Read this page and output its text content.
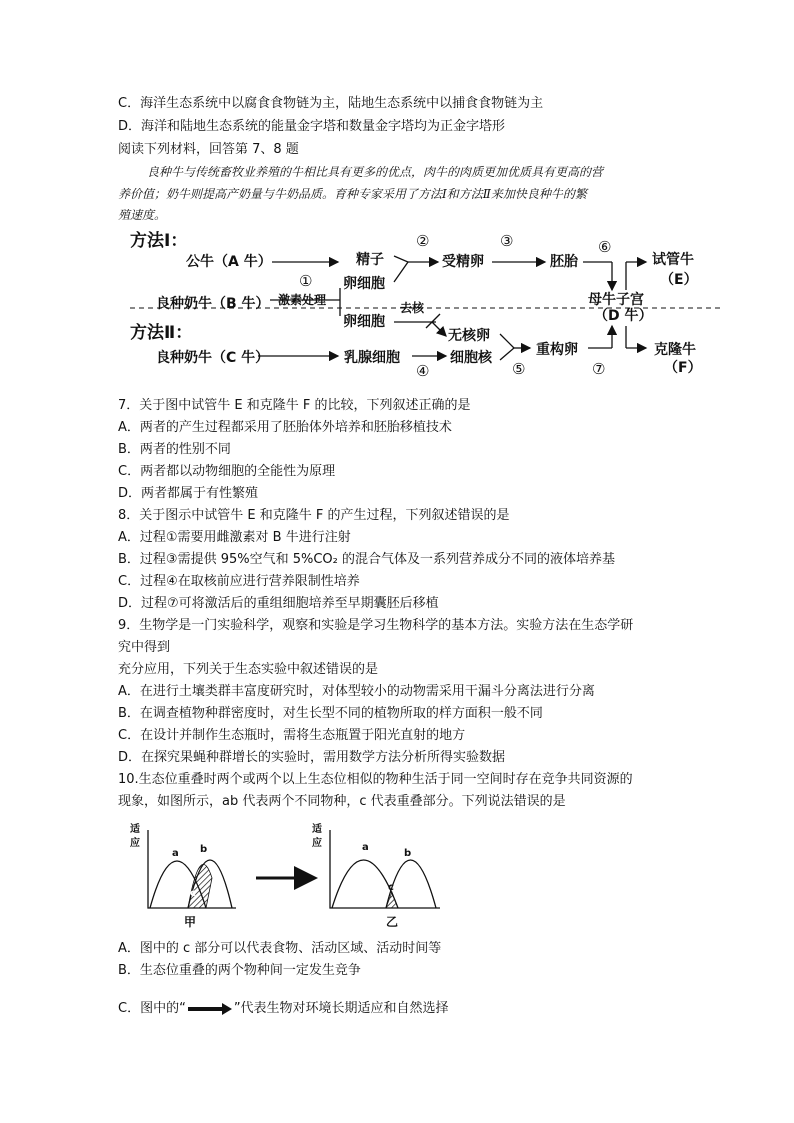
C．海洋生态系统中以腐食食物链为主，陆地生态系统中以捕食食物链为主
D．海洋和陆地生态系统的能量金字塔和数量金字塔均为正金字塔形
阅读下列材料，回答第 7、8 题
良种牛与传统畜牧业养殖的牛相比具有更多的优点，肉牛的肉质更加优质具有更高的营
养价值；奶牛则提高产奶量与牛奶品质。育种专家采用了方法Ⅰ和方法Ⅱ来加快良种牛的繁
殖速度。
方法Ⅰ：
方法Ⅱ：
公牛（A 牛）
良种奶牛（B 牛）
良种奶牛（C 牛）
①
激素处理
精子
卵细胞
卵细胞
②
受精卵
③
胚胎
⑥
母牛子宫
（D 牛）
试管牛
（E）
去核
无核卵
乳腺细胞
④
细胞核
⑤
重构卵
⑦
克隆牛
（F）
7．关于图中试管牛 E 和克隆牛 F 的比较，下列叙述正确的是
A．两者的产生过程都采用了胚胎体外培养和胚胎移植技术
B．两者的性别不同
C．两者都以动物细胞的全能性为原理
D．两者都属于有性繁殖
8．关于图示中试管牛 E 和克隆牛 F 的产生过程，下列叙述错误的是
A．过程①需要用雌激素对 B 牛进行注射
B．过程③需提供 95%空气和 5%CO₂ 的混合气体及一系列营养成分不同的液体培养基
C．过程④在取核前应进行营养限制性培养
D．过程⑦可将激活后的重组细胞培养至早期囊胚后移植
9．生物学是一门实验科学，观察和实验是学习生物科学的基本方法。实验方法在生态学研
究中得到
充分应用，下列关于生态实验中叙述错误的是
A．在进行土壤类群丰富度研究时，对体型较小的动物需采用干漏斗分离法进行分离
B．在调查植物种群密度时，对生长型不同的植物所取的样方面积一般不同
C．在设计并制作生态瓶时，需将生态瓶置于阳光直射的地方
D．在探究果蝇种群增长的实验时，需用数学方法分析所得实验数据
10.生态位重叠时两个或两个以上生态位相似的物种生活于同一空间时存在竞争共同资源的
现象，如图所示，ab 代表两个不同物种，c 代表重叠部分。下列说法错误的是
适
应
a b
c
甲
适
应	a
b
c
乙
A．图中的 c 部分可以代表食物、活动区域、活动时间等
B．生态位重叠的两个物种间一定发生竞争
C．图中的“	”代表生物对环境长期适应和自然选择
